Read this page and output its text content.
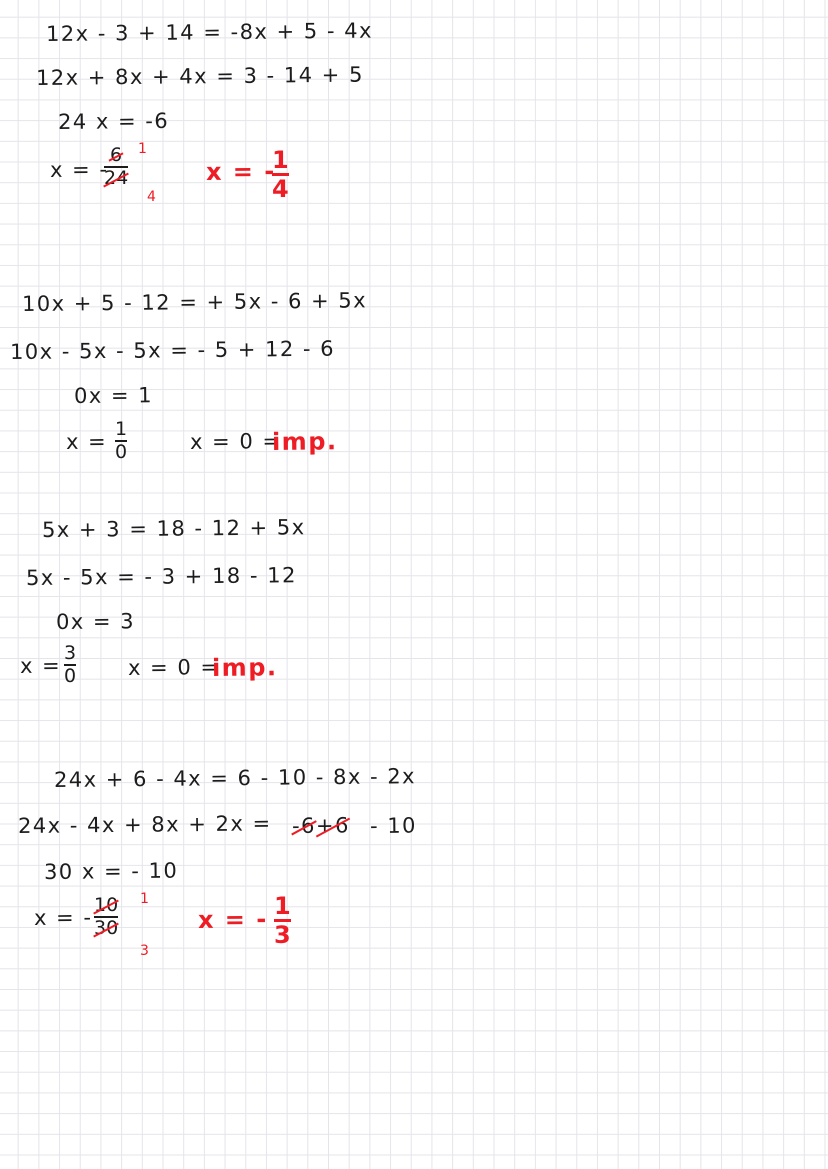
12x - 3 + 14 = -8x + 5 - 4x
12x + 8x + 4x = 3 - 14 + 5
24 x = -6
x = -
6
24
1
4
x = -
1
4
10x + 5 - 12 = + 5x - 6 + 5x
10x - 5x - 5x = - 5 + 12 - 6
0x = 1
x =
1
0	x = 0 =
imp.
5x + 3 = 18 - 12 + 5x
5x - 5x = - 3 + 18 - 12
0x = 3
x =
3
0 x = 0 =
imp.
24x + 6 - 4x = 6 - 10 - 8x - 2x
24x - 4x + 8x + 2x = -6+6 - 10
30 x = - 10
x = -
10
30
1
3
x = - 1
3
